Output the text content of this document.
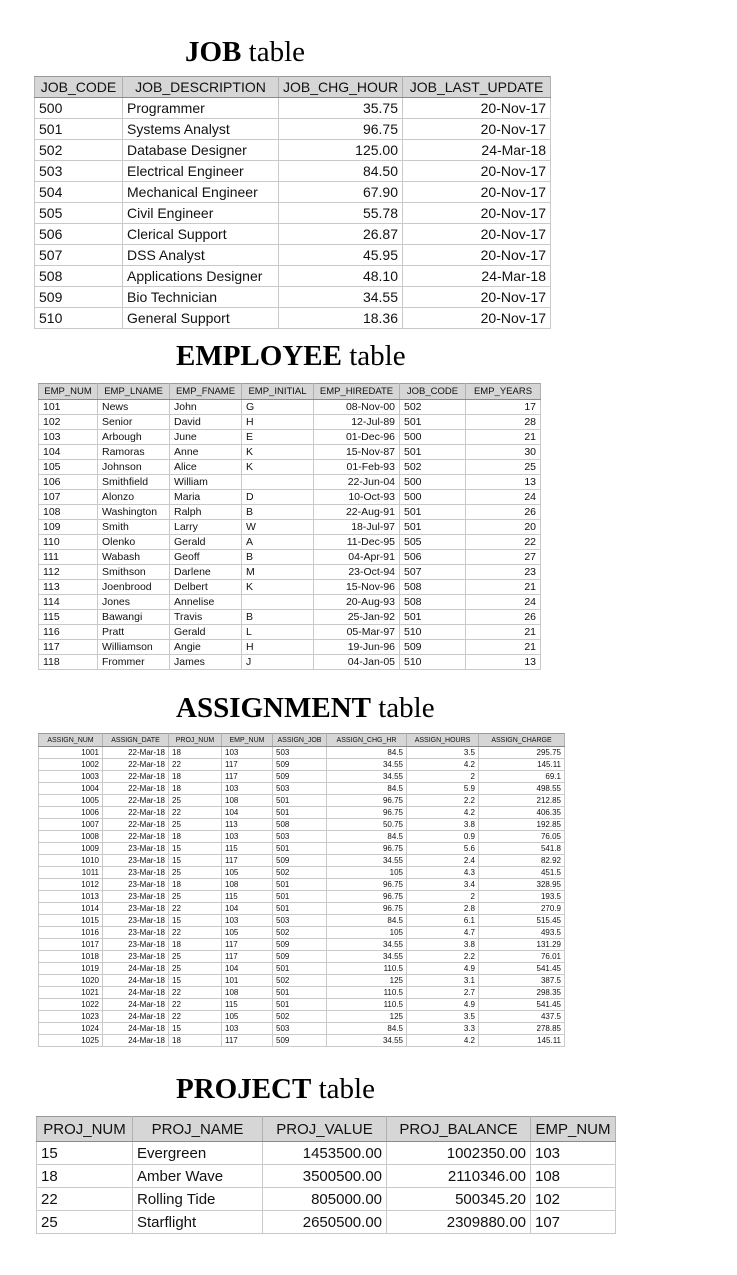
JOB table
JOB_CODE	JOB_DESCRIPTION	JOB_CHG_HOUR	JOB_LAST_UPDATE
500	Programmer	35.75	20-Nov-17
501	Systems Analyst	96.75	20-Nov-17
502	Database Designer	125.00	24-Mar-18
503	Electrical Engineer	84.50	20-Nov-17
504	Mechanical Engineer	67.90	20-Nov-17
505	Civil Engineer	55.78	20-Nov-17
506	Clerical Support	26.87	20-Nov-17
507	DSS Analyst	45.95	20-Nov-17
508	Applications Designer	48.10	24-Mar-18
509	Bio Technician	34.55	20-Nov-17
510	General Support	18.36	20-Nov-17
EMPLOYEE table
EMP_NUM	EMP_LNAME	EMP_FNAME	EMP_INITIAL	EMP_HIREDATE	JOB_CODE	EMP_YEARS
101	News	John	G	08-Nov-00	502	17
102	Senior	David	H	12-Jul-89	501	28
103	Arbough	June	E	01-Dec-96	500	21
104	Ramoras	Anne	K	15-Nov-87	501	30
105	Johnson	Alice	K	01-Feb-93	502	25
106	Smithfield	William		22-Jun-04	500	13
107	Alonzo	Maria	D	10-Oct-93	500	24
108	Washington	Ralph	B	22-Aug-91	501	26
109	Smith	Larry	W	18-Jul-97	501	20
110	Olenko	Gerald	A	11-Dec-95	505	22
111	Wabash	Geoff	B	04-Apr-91	506	27
112	Smithson	Darlene	M	23-Oct-94	507	23
113	Joenbrood	Delbert	K	15-Nov-96	508	21
114	Jones	Annelise		20-Aug-93	508	24
115	Bawangi	Travis	B	25-Jan-92	501	26
116	Pratt	Gerald	L	05-Mar-97	510	21
117	Williamson	Angie	H	19-Jun-96	509	21
118	Frommer	James	J	04-Jan-05	510	13
ASSIGNMENT table
ASSIGN_NUM	ASSIGN_DATE	PROJ_NUM	EMP_NUM	ASSIGN_JOB	ASSIGN_CHG_HR	ASSIGN_HOURS	ASSIGN_CHARGE
1001	22-Mar-18	18	103	503	84.5	3.5	295.75
1002	22-Mar-18	22	117	509	34.55	4.2	145.11
1003	22-Mar-18	18	117	509	34.55	2	69.1
1004	22-Mar-18	18	103	503	84.5	5.9	498.55
1005	22-Mar-18	25	108	501	96.75	2.2	212.85
1006	22-Mar-18	22	104	501	96.75	4.2	406.35
1007	22-Mar-18	25	113	508	50.75	3.8	192.85
1008	22-Mar-18	18	103	503	84.5	0.9	76.05
1009	23-Mar-18	15	115	501	96.75	5.6	541.8
1010	23-Mar-18	15	117	509	34.55	2.4	82.92
1011	23-Mar-18	25	105	502	105	4.3	451.5
1012	23-Mar-18	18	108	501	96.75	3.4	328.95
1013	23-Mar-18	25	115	501	96.75	2	193.5
1014	23-Mar-18	22	104	501	96.75	2.8	270.9
1015	23-Mar-18	15	103	503	84.5	6.1	515.45
1016	23-Mar-18	22	105	502	105	4.7	493.5
1017	23-Mar-18	18	117	509	34.55	3.8	131.29
1018	23-Mar-18	25	117	509	34.55	2.2	76.01
1019	24-Mar-18	25	104	501	110.5	4.9	541.45
1020	24-Mar-18	15	101	502	125	3.1	387.5
1021	24-Mar-18	22	108	501	110.5	2.7	298.35
1022	24-Mar-18	22	115	501	110.5	4.9	541.45
1023	24-Mar-18	22	105	502	125	3.5	437.5
1024	24-Mar-18	15	103	503	84.5	3.3	278.85
1025	24-Mar-18	18	117	509	34.55	4.2	145.11
PROJECT table
PROJ_NUM	PROJ_NAME	PROJ_VALUE	PROJ_BALANCE	EMP_NUM
15	Evergreen	1453500.00	1002350.00	103
18	Amber Wave	3500500.00	2110346.00	108
22	Rolling Tide	805000.00	500345.20	102
25	Starflight	2650500.00	2309880.00	107
